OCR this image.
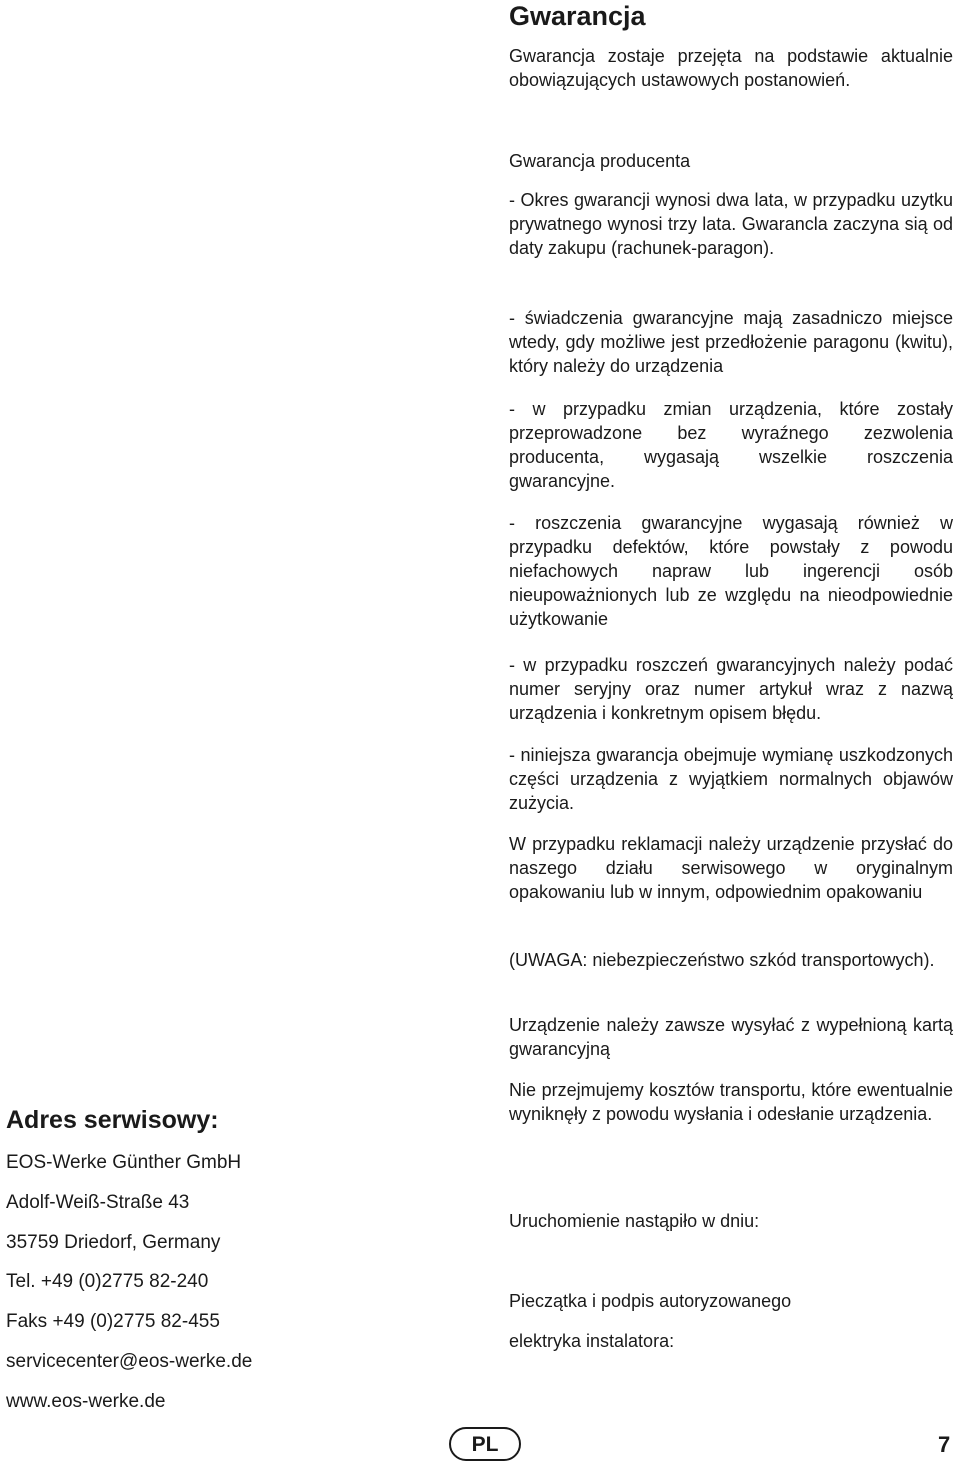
Gwarancja

Gwarancja zostaje przejęta na podstawie aktualnie obowiązujących ustawowych postanowień.

Gwarancja producenta

- Okres gwarancji wynosi dwa lata, w przypadku uzytku prywatnego wynosi trzy lata. Gwarancla zaczyna sią od daty zakupu (rachunek-paragon).

- świadczenia gwarancyjne mają zasadniczo miejsce wtedy, gdy możliwe jest przedłożenie paragonu (kwitu), który należy do urządzenia

- w przypadku zmian urządzenia, które zostały przeprowadzone bez wyraźnego zezwolenia producenta, wygasają wszelkie roszczenia gwarancyjne.

- roszczenia gwarancyjne wygasają również w przypadku defektów, które powstały z powodu niefachowych napraw lub ingerencji osób nieupoważnionych lub ze względu na nieodpowiednie użytkowanie

- w przypadku roszczeń gwarancyjnych należy podać numer seryjny oraz numer artykuł wraz z nazwą urządzenia i konkretnym opisem błędu.

- niniejsza gwarancja obejmuje wymianę uszkodzonych części urządzenia z wyjątkiem normalnych objawów zużycia.

W przypadku reklamacji należy urządzenie przysłać do naszego działu serwisowego w oryginalnym opakowaniu lub w innym, odpowiednim opakowaniu

(UWAGA: niebezpieczeństwo szkód transportowych).

Urządzenie należy zawsze wysyłać z wypełnioną kartą gwarancyjną

Nie przejmujemy kosztów transportu, które ewentualnie wyniknęły z powodu wysłania i odesłanie urządzenia.

Uruchomienie nastąpiło w dniu:

Pieczątka i podpis autoryzowanego

elektryka instalatora:

Adres serwisowy:

EOS-Werke Günther GmbH

Adolf-Weiß-Straße 43

35759 Driedorf, Germany

Tel. +49 (0)2775 82-240

Faks +49 (0)2775 82-455

servicecenter@eos-werke.de

www.eos-werke.de

PL	7
